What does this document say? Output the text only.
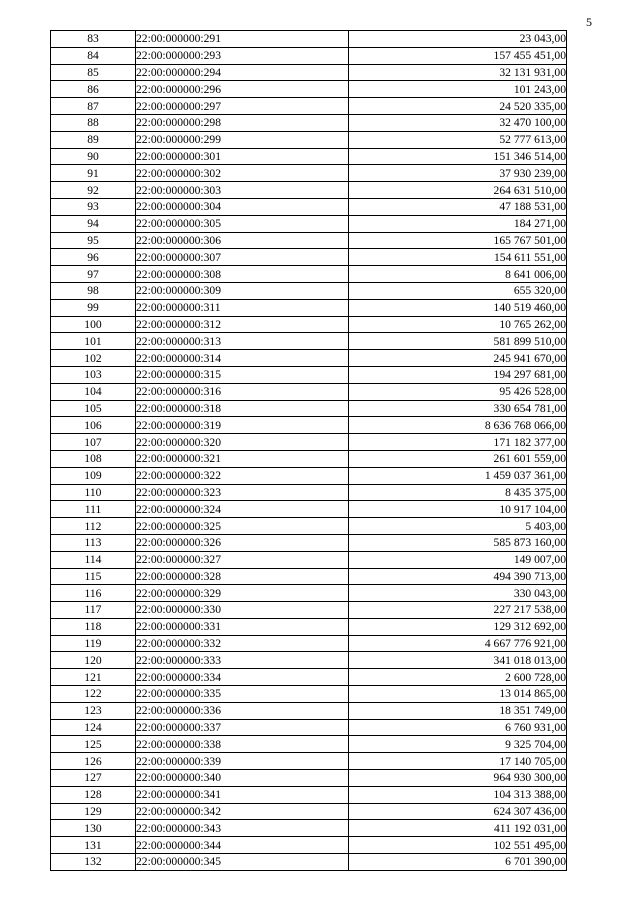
5
83	22:00:000000:291	23 043,00
84	22:00:000000:293	157 455 451,00
85	22:00:000000:294	32 131 931,00
86	22:00:000000:296	101 243,00
87	22:00:000000:297	24 520 335,00
88	22:00:000000:298	32 470 100,00
89	22:00:000000:299	52 777 613,00
90	22:00:000000:301	151 346 514,00
91	22:00:000000:302	37 930 239,00
92	22:00:000000:303	264 631 510,00
93	22:00:000000:304	47 188 531,00
94	22:00:000000:305	184 271,00
95	22:00:000000:306	165 767 501,00
96	22:00:000000:307	154 611 551,00
97	22:00:000000:308	8 641 006,00
98	22:00:000000:309	655 320,00
99	22:00:000000:311	140 519 460,00
100	22:00:000000:312	10 765 262,00
101	22:00:000000:313	581 899 510,00
102	22:00:000000:314	245 941 670,00
103	22:00:000000:315	194 297 681,00
104	22:00:000000:316	95 426 528,00
105	22:00:000000:318	330 654 781,00
106	22:00:000000:319	8 636 768 066,00
107	22:00:000000:320	171 182 377,00
108	22:00:000000:321	261 601 559,00
109	22:00:000000:322	1 459 037 361,00
110	22:00:000000:323	8 435 375,00
111	22:00:000000:324	10 917 104,00
112	22:00:000000:325	5 403,00
113	22:00:000000:326	585 873 160,00
114	22:00:000000:327	149 007,00
115	22:00:000000:328	494 390 713,00
116	22:00:000000:329	330 043,00
117	22:00:000000:330	227 217 538,00
118	22:00:000000:331	129 312 692,00
119	22:00:000000:332	4 667 776 921,00
120	22:00:000000:333	341 018 013,00
121	22:00:000000:334	2 600 728,00
122	22:00:000000:335	13 014 865,00
123	22:00:000000:336	18 351 749,00
124	22:00:000000:337	6 760 931,00
125	22:00:000000:338	9 325 704,00
126	22:00:000000:339	17 140 705,00
127	22:00:000000:340	964 930 300,00
128	22:00:000000:341	104 313 388,00
129	22:00:000000:342	624 307 436,00
130	22:00:000000:343	411 192 031,00
131	22:00:000000:344	102 551 495,00
132	22:00:000000:345	6 701 390,00
